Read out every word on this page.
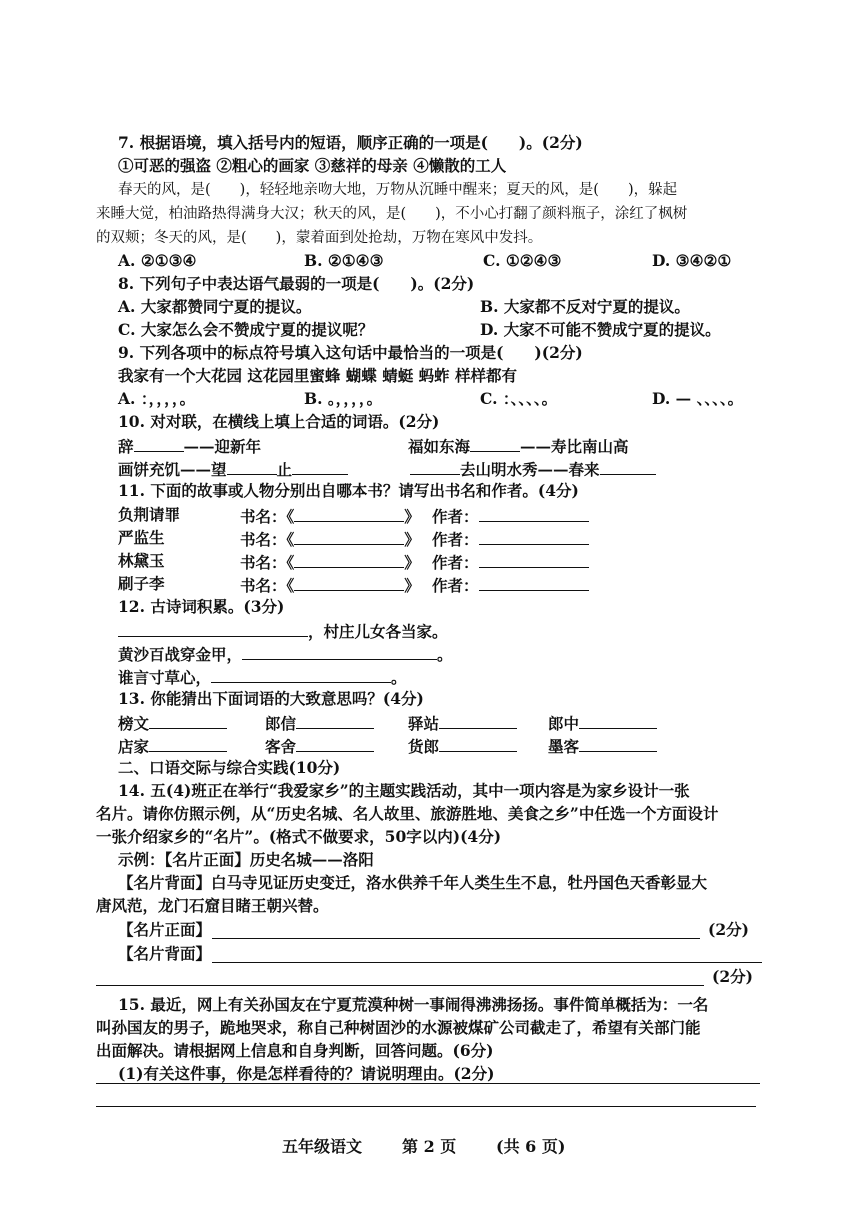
7. 根据语境，填入括号内的短语，顺序正确的一项是(　　)。(2分)
①可恶的强盗 ②粗心的画家 ③慈祥的母亲 ④懒散的工人
春天的风，是(　　)，轻轻地亲吻大地，万物从沉睡中醒来；夏天的风，是(　　)，躲起
来睡大觉，柏油路热得满身大汉；秋天的风，是(　　)，不小心打翻了颜料瓶子，涂红了枫树
的双颊；冬天的风，是(　　)，蒙着面到处抢劫，万物在寒风中发抖。
A. ②①③④	B. ②①④③	C. ①②④③	D. ③④②①
8. 下列句子中表达语气最弱的一项是(　　)。(2分)
A. 大家都赞同宁夏的提议。	B. 大家都不反对宁夏的提议。
C. 大家怎么会不赞成宁夏的提议呢？	D. 大家不可能不赞成宁夏的提议。
9. 下列各项中的标点符号填入这句话中最恰当的一项是(　　)(2分)
我家有一个大花园 这花园里蜜蜂 蝴蝶 蜻蜓 蚂蚱 样样都有
A. ：，，，，。	B. 。，，，，。	C. ：、、、、。	D. — 、、、、。
10. 对对联，在横线上填上合适的词语。(2分)
辞	——迎新年	福如东海	——寿比南山高
画饼充饥——望	止	去山明水秀——春来
11. 下面的故事或人物分别出自哪本书？请写出书名和作者。(4分)
负荆请罪	书名：《	》 作者：
严监生	书名：《	》 作者：
林黛玉	书名：《	》 作者：
刷子李	书名：《	》 作者：
12. 古诗词积累。(3分)
，村庄儿女各当家。
黄沙百战穿金甲，	。
谁言寸草心，	。
13. 你能猜出下面词语的大致意思吗？(4分)
榜文	郎信	驿站	郎中
店家	客舍	货郎	墨客
二、口语交际与综合实践(10分)
14. 五(4)班正在举行“我爱家乡”的主题实践活动，其中一项内容是为家乡设计一张
名片。请你仿照示例，从“历史名城、名人故里、旅游胜地、美食之乡”中任选一个方面设计
一张介绍家乡的“名片”。(格式不做要求，50字以内)(4分)
示例：【名片正面】历史名城——洛阳
【名片背面】白马寺见证历史变迁，洛水供养千年人类生生不息，牡丹国色天香彰显大
唐风范，龙门石窟目睹王朝兴替。
【名片正面】	(2分)
【名片背面】
(2分)
15. 最近，网上有关孙国友在宁夏荒漠种树一事闹得沸沸扬扬。事件简单概括为：一名
叫孙国友的男子，跪地哭求，称自己种树固沙的水源被煤矿公司截走了，希望有关部门能
出面解决。请根据网上信息和自身判断，回答问题。(6分)
(1)有关这件事，你是怎样看待的？请说明理由。(2分)
五年级语文 第 2 页 (共 6 页)
